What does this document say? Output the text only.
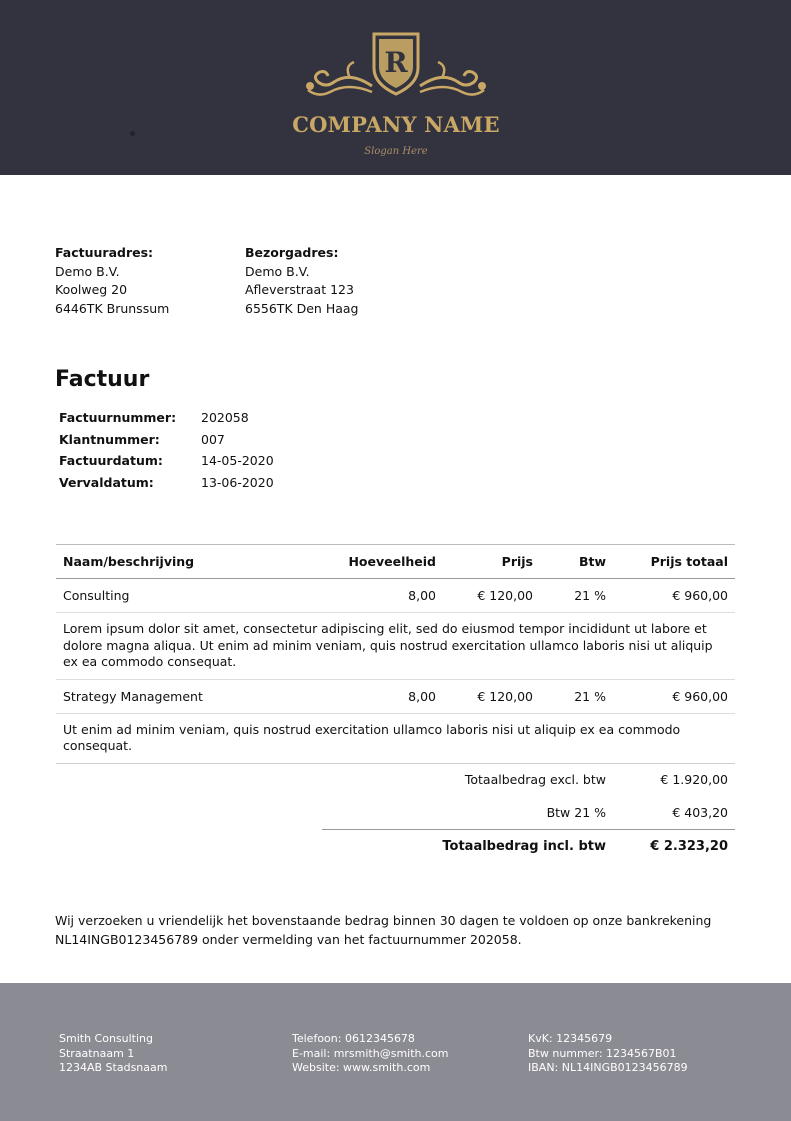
R
COMPANY NAME
Slogan Here
Factuuradres:
Demo B.V.
Koolweg 20
6446TK Brunssum
Bezorgadres:
Demo B.V.
Afleverstraat 123
6556TK Den Haag
Factuur
Factuurnummer:	202058
Klantnummer:	007
Factuurdatum:	14-05-2020
Vervaldatum:	13-06-2020
Naam/beschrijving	Hoeveelheid	Prijs	Btw	Prijs totaal
Consulting	8,00	€ 120,00	21 %	€ 960,00
Lorem ipsum dolor sit amet, consectetur adipiscing elit, sed do eiusmod tempor incididunt ut labore et dolore magna aliqua. Ut enim ad minim veniam, quis nostrud exercitation ullamco laboris nisi ut aliquip ex ea commodo consequat.				
Strategy Management	8,00	€ 120,00	21 %	€ 960,00
Ut enim ad minim veniam, quis nostrud exercitation ullamco laboris nisi ut aliquip ex ea commodo consequat.				
Totaalbedrag excl. btw	€ 1.920,00
Btw 21 %	€ 403,20
Totaalbedrag incl. btw	€ 2.323,20
Wij verzoeken u vriendelijk het bovenstaande bedrag binnen 30 dagen te voldoen op onze bankrekening NL14INGB0123456789 onder vermelding van het factuurnummer 202058.
Smith Consulting
Straatnaam 1
1234AB Stadsnaam
Telefoon: 0612345678
E-mail: mrsmith@smith.com
Website: www.smith.com
KvK: 12345679
Btw nummer: 1234567B01
IBAN: NL14INGB0123456789
